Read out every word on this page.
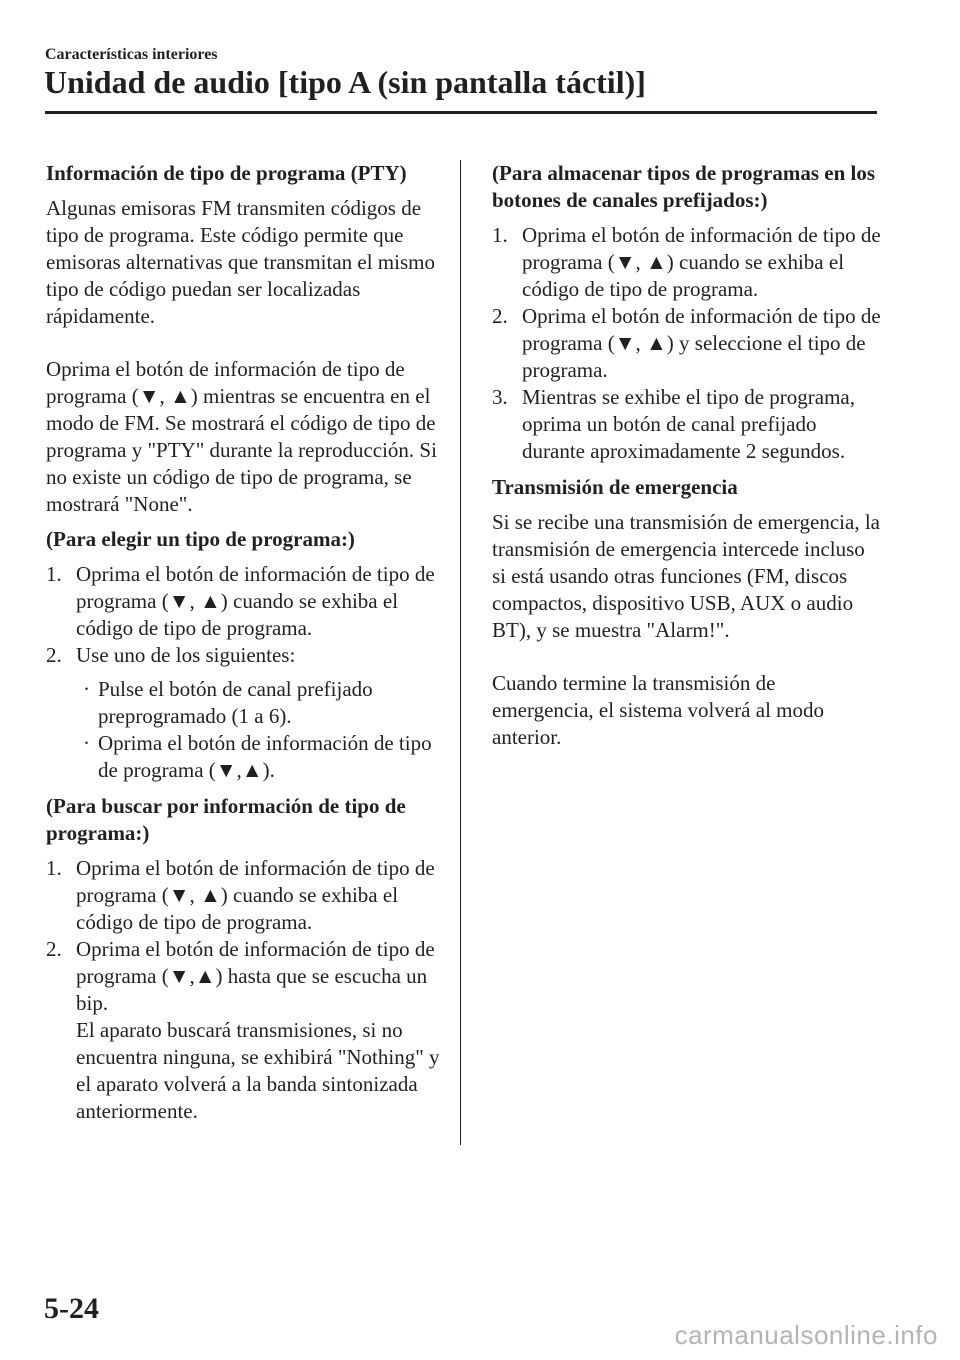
Características interiores
Unidad de audio [tipo A (sin pantalla táctil)]
Información de tipo de programa (PTY)

Algunas emisoras FM transmiten códigos de tipo de programa. Este código permite que emisoras alternativas que transmitan el mismo tipo de código puedan ser localizadas rápidamente.

Oprima el botón de información de tipo de programa (▼, ▲) mientras se encuentra en el modo de FM. Se mostrará el código de tipo de programa y "PTY" durante la reproducción. Si no existe un código de tipo de programa, se mostrará "None".

(Para elegir un tipo de programa:)
1. Oprima el botón de información de tipo de programa (▼, ▲) cuando se exhiba el código de tipo de programa.
2. Use uno de los siguientes:
· Pulse el botón de canal prefijado preprogramado (1 a 6).
· Oprima el botón de información de tipo de programa (▼,▲).
(Para buscar por información de tipo de programa:)
1. Oprima el botón de información de tipo de programa (▼, ▲) cuando se exhiba el código de tipo de programa.
2. Oprima el botón de información de tipo de programa (▼,▲) hasta que se escucha un bip.
El aparato buscará transmisiones, si no encuentra ninguna, se exhibirá "Nothing" y el aparato volverá a la banda sintonizada anteriormente.
(Para almacenar tipos de programas en los botones de canales prefijados:)
1. Oprima el botón de información de tipo de programa (▼, ▲) cuando se exhiba el código de tipo de programa.
2. Oprima el botón de información de tipo de programa (▼, ▲) y seleccione el tipo de programa.
3. Mientras se exhibe el tipo de programa, oprima un botón de canal prefijado durante aproximadamente 2 segundos.
Transmisión de emergencia

Si se recibe una transmisión de emergencia, la transmisión de emergencia intercede incluso si está usando otras funciones (FM, discos compactos, dispositivo USB, AUX o audio BT), y se muestra "Alarm!".

Cuando termine la transmisión de emergencia, el sistema volverá al modo anterior.

5-24
carmanualsonline.info
